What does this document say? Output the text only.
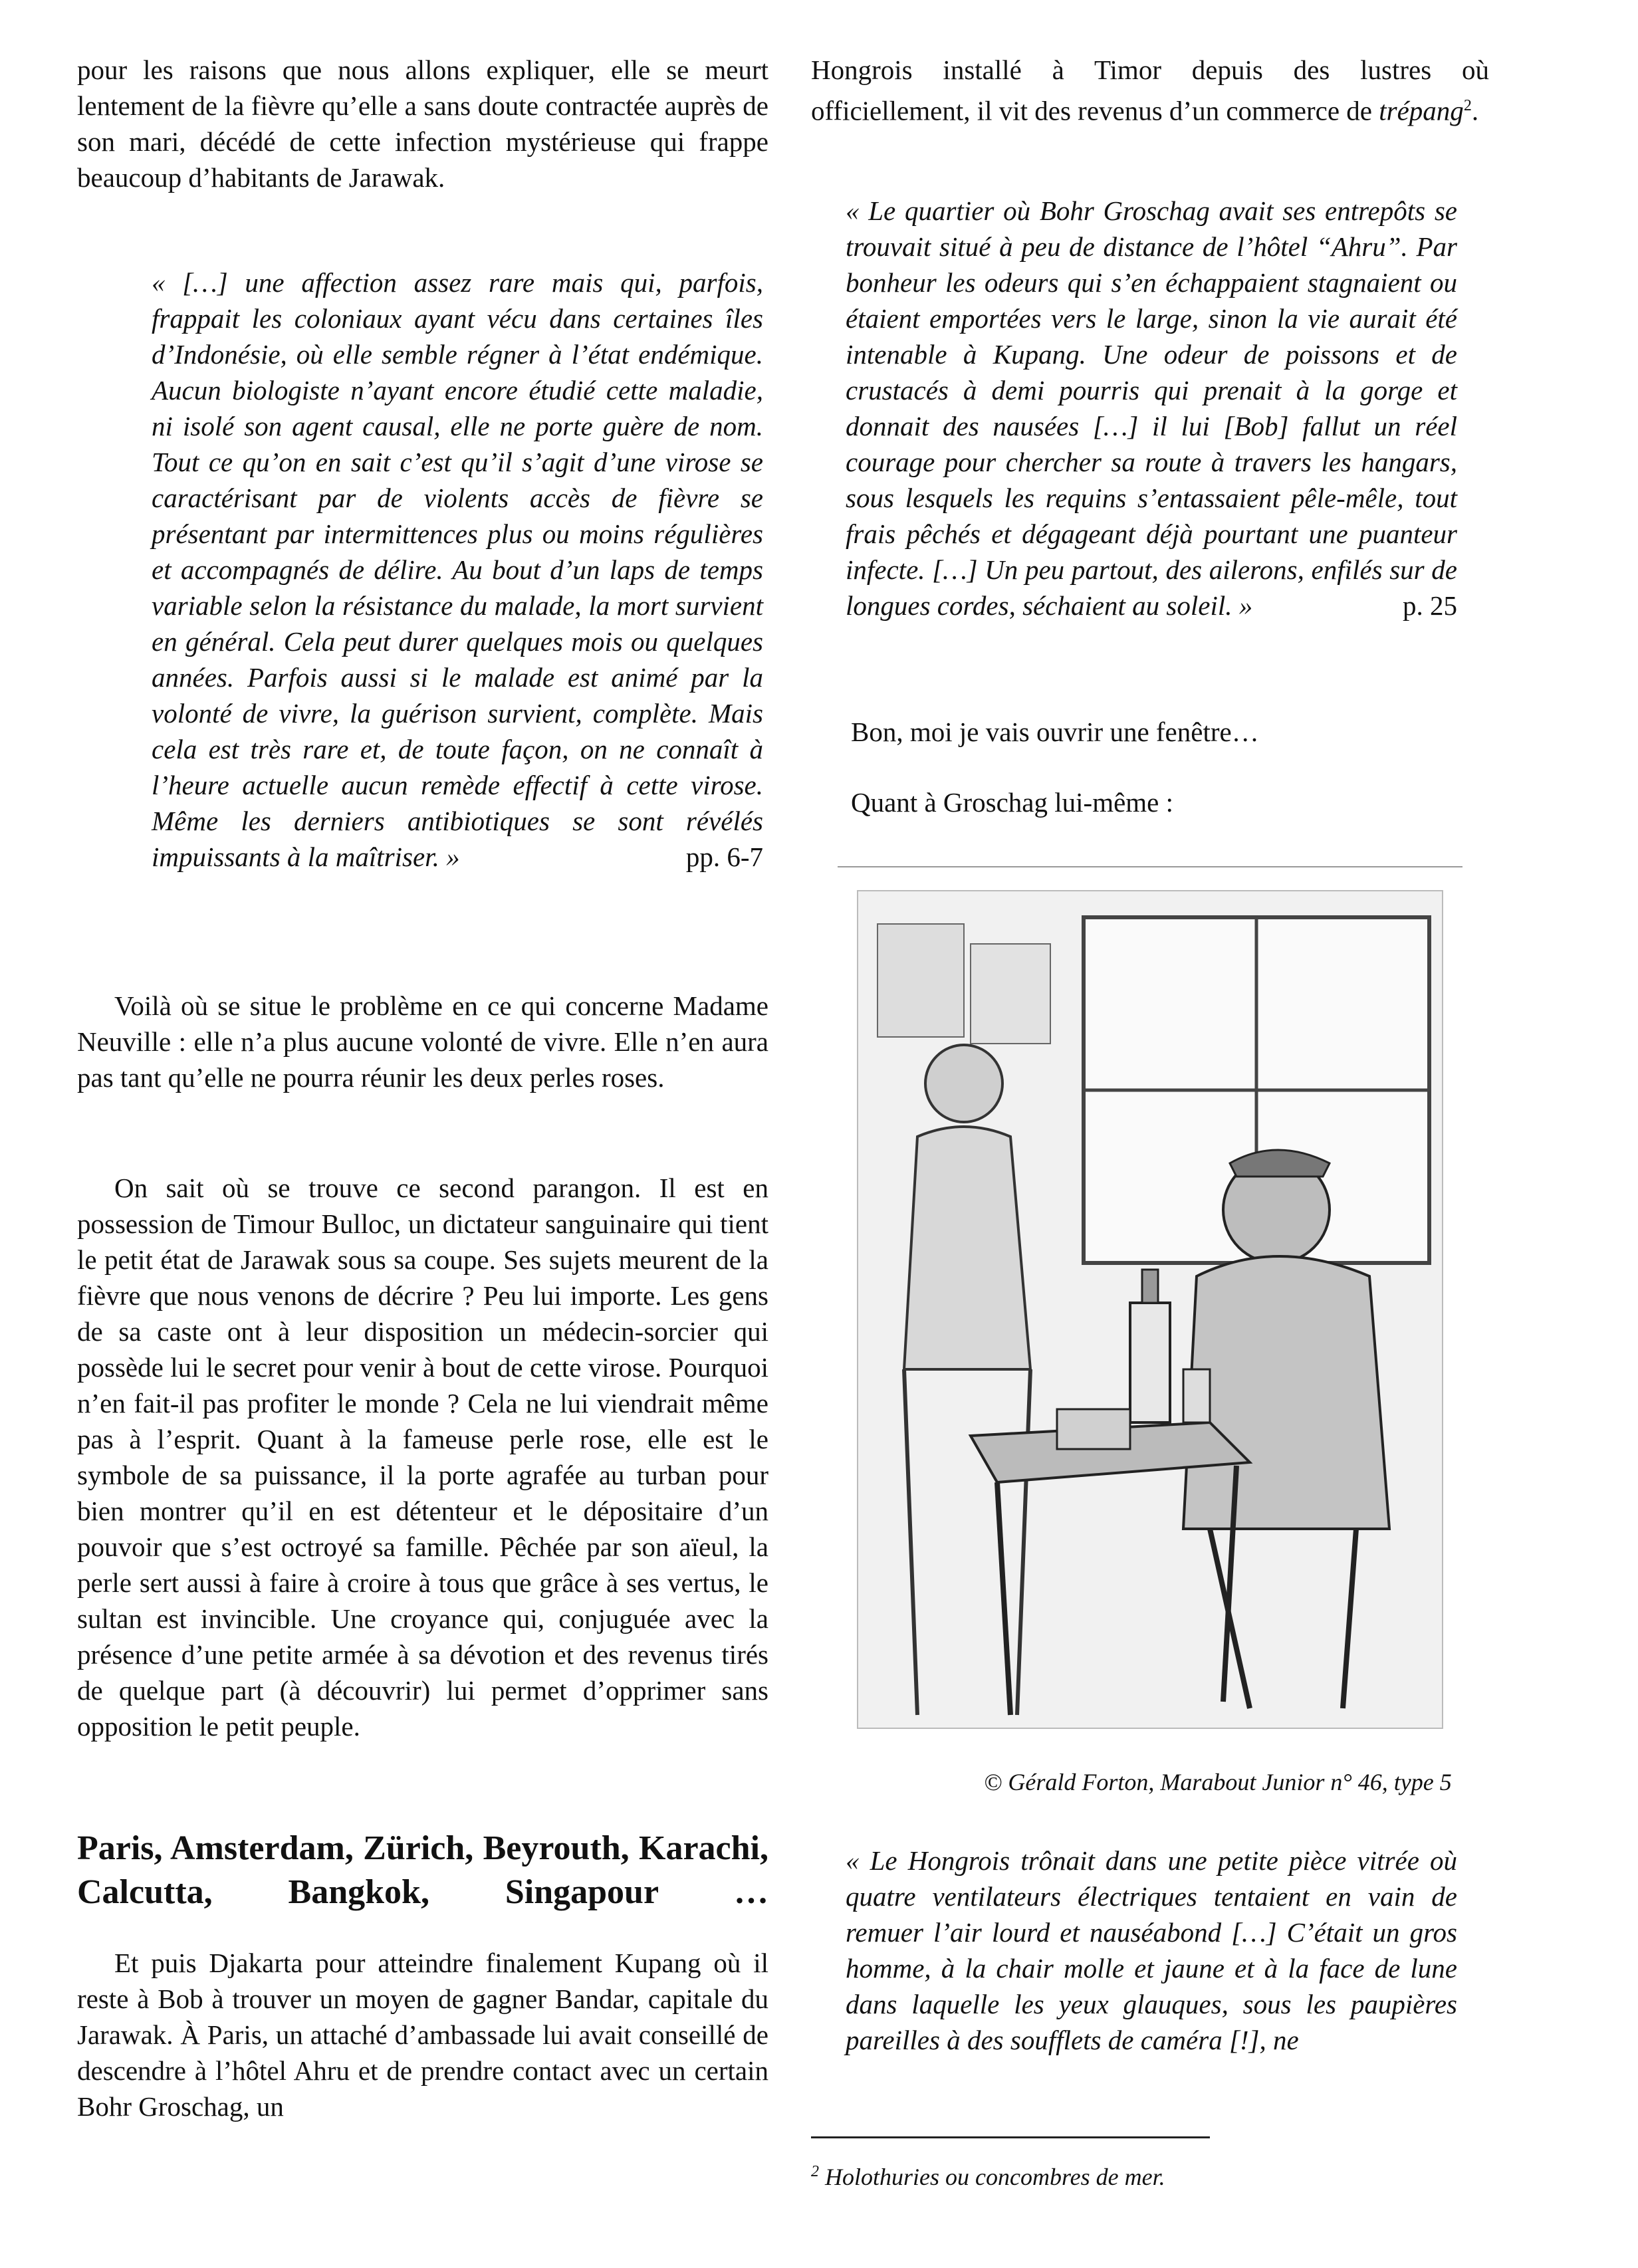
pour les raisons que nous allons expliquer, elle se meurt lentement de la fièvre qu’elle a sans doute contractée auprès de son mari, décédé de cette infection mystérieuse qui frappe beaucoup d’habitants de Jarawak.

« […] une affection assez rare mais qui, parfois, frappait les coloniaux ayant vécu dans certaines îles d’Indonésie, où elle semble régner à l’état endémique. Aucun biologiste n’ayant encore étudié cette maladie, ni isolé son agent causal, elle ne porte guère de nom. Tout ce qu’on en sait c’est qu’il s’agit d’une virose se caractérisant par de violents accès de fièvre se présentant par intermittences plus ou moins régulières et accompagnés de délire. Au bout d’un laps de temps variable selon la résistance du malade, la mort survient en général. Cela peut durer quelques mois ou quelques années. Parfois aussi si le malade est animé par la volonté de vivre, la guérison survient, complète. Mais cela est très rare et, de toute façon, on ne connaît à l’heure actuelle aucun remède effectif à cette virose. Même les derniers antibiotiques se sont révélés impuissants à la maîtriser. »	pp. 6-7

Voilà où se situe le problème en ce qui concerne Madame Neuville : elle n’a plus aucune volonté de vivre. Elle n’en aura pas tant qu’elle ne pourra réunir les deux perles roses.

On sait où se trouve ce second parangon. Il est en possession de Timour Bulloc, un dictateur sanguinaire qui tient le petit état de Jarawak sous sa coupe. Ses sujets meurent de la fièvre que nous venons de décrire ? Peu lui importe. Les gens de sa caste ont à leur disposition un médecin-sorcier qui possède lui le secret pour venir à bout de cette virose. Pourquoi n’en fait-il pas profiter le monde ? Cela ne lui viendrait même pas à l’esprit. Quant à la fameuse perle rose, elle est le symbole de sa puissance, il la porte agrafée au turban pour bien montrer qu’il en est détenteur et le dépositaire d’un pouvoir que s’est octroyé sa famille. Pêchée par son aïeul, la perle sert aussi à faire à croire à tous que grâce à ses vertus, le sultan est invincible. Une croyance qui, conjuguée avec la présence d’une petite armée à sa dévotion et des revenus tirés de quelque part (à découvrir) lui permet d’opprimer sans opposition le petit peuple.

Paris, Amsterdam, Zürich, Beyrouth, Karachi, Calcutta, Bangkok, Singapour …

Et puis Djakarta pour atteindre finalement Kupang où il reste à Bob à trouver un moyen de gagner Bandar, capitale du Jarawak. À Paris, un attaché d’ambassade lui avait conseillé de descendre à l’hôtel Ahru et de prendre contact avec un certain Bohr Groschag, un

Hongrois installé à Timor depuis des lustres où officiellement, il vit des revenus d’un commerce de trépang$^2$.

« Le quartier où Bohr Groschag avait ses entrepôts se trouvait situé à peu de distance de l’hôtel “Ahru”. Par bonheur les odeurs qui s’en échappaient stagnaient ou étaient emportées vers le large, sinon la vie aurait été intenable à Kupang. Une odeur de poissons et de crustacés à demi pourris qui prenait à la gorge et donnait des nausées […] il lui [Bob] fallut un réel courage pour chercher sa route à travers les hangars, sous lesquels les requins s’entassaient pêle-mêle, tout frais pêchés et dégageant déjà pourtant une puanteur infecte. […] Un peu partout, des ailerons, enfilés sur de longues cordes, séchaient au soleil. »	p. 25

Bon, moi je vais ouvrir une fenêtre…

Quant à Groschag lui-même :

© Gérald Forton, Marabout Junior n° 46, type 5

« Le Hongrois trônait dans une petite pièce vitrée où quatre ventilateurs électriques tentaient en vain de remuer l’air lourd et nauséabond […] C’était un gros homme, à la chair molle et jaune et à la face de lune dans laquelle les yeux glauques, sous les paupières pareilles à des soufflets de caméra [!], ne

$^2$ Holothuries ou concombres de mer.
